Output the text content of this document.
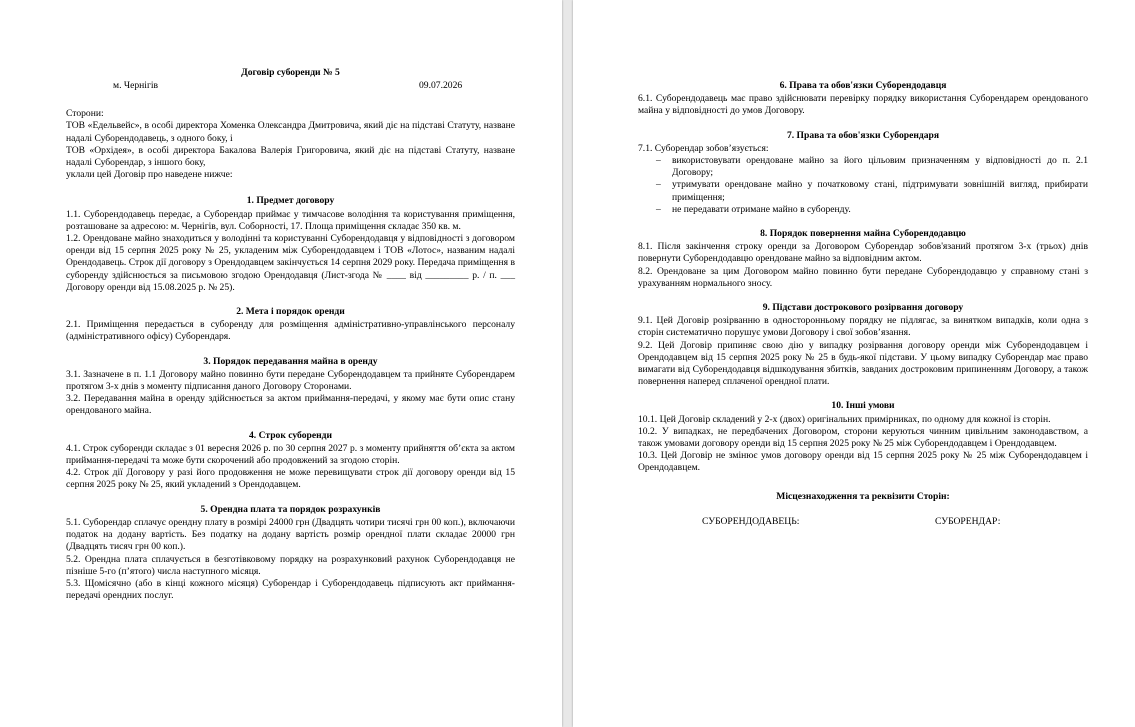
Договір суборенди № 5

м. Чернігів	09.07.2026

Сторони:

ТОВ «Едельвейс», в особі директора Хоменка Олександра Дмитровича, який діє на підставі Статуту, назване надалі Суборендодавець, з одного боку, і

ТОВ «Орхідея», в особі директора Бакалова Валерія Григоровича, який діє на підставі Статуту, назване надалі Суборендар, з іншого боку,

уклали цей Договір про наведене нижче:

1. Предмет договору

1.1. Суборендодавець передає, а Суборендар приймає у тимчасове володіння та користування приміщення, розташоване за адресою: м. Чернігів, вул. Соборності, 17. Площа приміщення складає 350 кв. м.

1.2. Орендоване майно знаходиться у володінні та користуванні Суборендодавця у відповідності з договором оренди від 15 серпня 2025 року № 25, укладеним між Суборендодавцем і ТОВ «Лотос», названим надалі Орендодавець. Строк дії договору з Орендодавцем закінчується 14 серпня 2029 року. Передача приміщення в суборенду здійснюється за письмовою згодою Орендодавця (Лист-згода № ____ від _________ р. / п. ___ Договору оренди від 15.08.2025 р. № 25).

2. Мета і порядок оренди

2.1. Приміщення передається в суборенду для розміщення адміністративно-управлінського персоналу (адміністративного офісу) Суборендаря.

3. Порядок передавання майна в оренду

3.1. Зазначене в п. 1.1 Договору майно повинно бути передане Суборендодавцем та прийняте Суборендарем протягом 3-х днів з моменту підписання даного Договору Сторонами.

3.2. Передавання майна в оренду здійснюється за актом приймання-передачі, у якому має бути опис стану орендованого майна.

4. Строк суборенди

4.1. Строк суборенди складає з 01 вересня 2026 р. по 30 серпня 2027 р. з моменту прийняття об’єкта за актом приймання-передачі та може бути скорочений або продовжений за згодою сторін.

4.2. Строк дії Договору у разі його продовження не може перевищувати строк дії договору оренди від 15 серпня 2025 року № 25, який укладений з Орендодавцем.

5. Орендна плата та порядок розрахунків

5.1. Суборендар сплачує орендну плату в розмірі 24000 грн (Двадцять чотири тисячі грн 00 коп.), включаючи податок на додану вартість. Без податку на додану вартість розмір орендної плати складає 20000 грн (Двадцять тисяч грн 00 коп.).

5.2. Орендна плата сплачується в безготівковому порядку на розрахунковий рахунок Суборендодавця не пізніше 5-го (п’ятого) числа наступного місяця.

5.3. Щомісячно (або в кінці кожного місяця) Суборендар і Суборендодавець підписують акт приймання-передачі орендних послуг.

6. Права та обов'язки Суборендодавця

6.1. Суборендодавець має право здійснювати перевірку порядку використання Суборендарем орендованого майна у відповідності до умов Договору.

7. Права та обов'язки Суборендаря

7.1. Суборендар зобов’язується:

– використовувати орендоване майно за його цільовим призначенням у відповідності до п. 2.1 Договору;

– утримувати орендоване майно у початковому стані, підтримувати зовнішній вигляд, прибирати приміщення;

– не передавати отримане майно в суборенду.

8. Порядок повернення майна Суборендодавцю

8.1. Після закінчення строку оренди за Договором Суборендар зобов'язаний протягом 3-х (трьох) днів повернути Суборендодавцю орендоване майно за відповідним актом.

8.2. Орендоване за цим Договором майно повинно бути передане Суборендодавцю у справному стані з урахуванням нормального зносу.

9. Підстави дострокового розірвання договору

9.1. Цей Договір розірванню в односторонньому порядку не підлягає, за винятком випадків, коли одна з сторін систематично порушує умови Договору і свої зобов’язання.

9.2. Цей Договір припиняє свою дію у випадку розірвання договору оренди між Суборендодавцем і Орендодавцем від 15 серпня 2025 року № 25 в будь-якої підстави. У цьому випадку Суборендар має право вимагати від Суборендодавця відшкодування збитків, завданих достроковим припиненням Договору, а також повернення наперед сплаченої орендної плати.

10. Інші умови

10.1. Цей Договір складений у 2-х (двох) оригінальних примірниках, по одному для кожної із сторін.

10.2. У випадках, не передбачених Договором, сторони керуються чинним цивільним законодавством, а також умовами договору оренди від 15 серпня 2025 року № 25 між Суборендодавцем і Орендодавцем.

10.3. Цей Договір не змінює умов договору оренди від 15 серпня 2025 року № 25 між Суборендодавцем і Орендодавцем.

Місцезнаходження та реквізити Сторін:

СУБОРЕНДОДАВЕЦЬ:	СУБОРЕНДАР:
